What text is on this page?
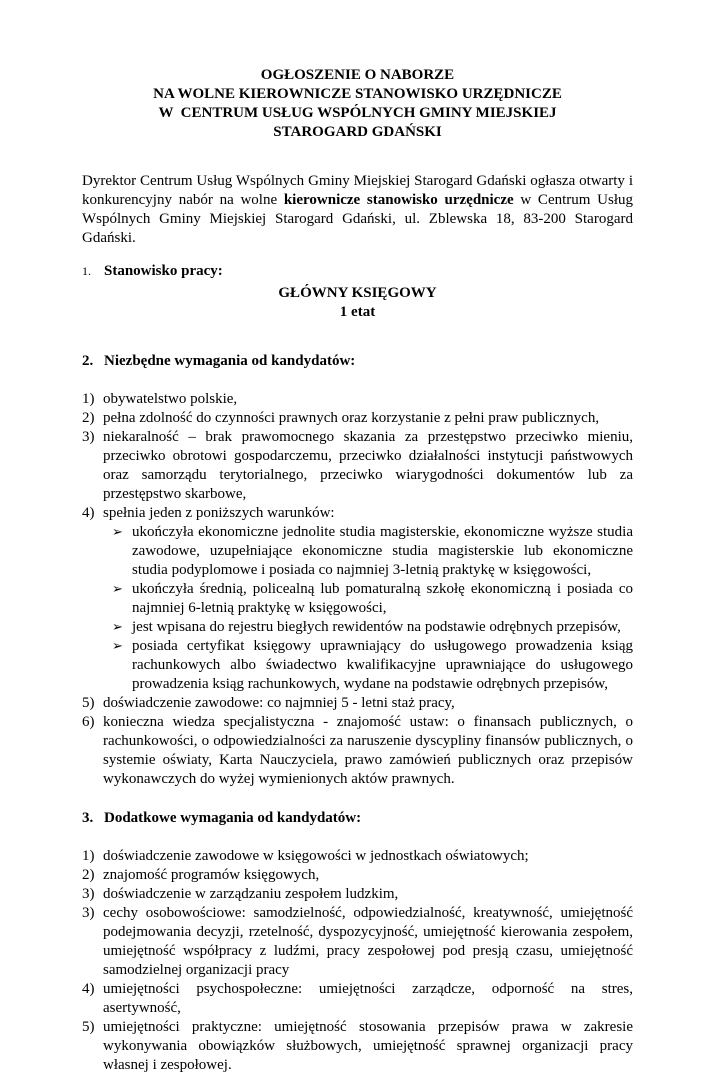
OGŁOSZENIE O NABORZE
NA WOLNE KIEROWNICZE STANOWISKO URZĘDNICZE
W  CENTRUM USŁUG WSPÓLNYCH GMINY MIEJSKIEJ
STAROGARD GDAŃSKI
Dyrektor Centrum Usług Wspólnych Gminy Miejskiej Starogard Gdański ogłasza otwarty i konkurencyjny nabór na wolne kierownicze stanowisko urzędnicze w Centrum Usług Wspólnych Gminy Miejskiej Starogard Gdański, ul. Zblewska 18, 83-200 Starogard Gdański.
1. Stanowisko pracy:
GŁÓWNY KSIĘGOWY
1 etat
2. Niezbędne wymagania od kandydatów:
1) obywatelstwo polskie,
2) pełna zdolność do czynności prawnych oraz korzystanie z pełni praw publicznych,
3) niekaralność – brak prawomocnego skazania za przestępstwo przeciwko mieniu, przeciwko obrotowi gospodarczemu, przeciwko działalności instytucji państwowych oraz samorządu terytorialnego, przeciwko wiarygodności dokumentów lub za przestępstwo skarbowe,
4) spełnia jeden z poniższych warunków:
➢ ukończyła ekonomiczne jednolite studia magisterskie, ekonomiczne wyższe studia zawodowe, uzupełniające ekonomiczne studia magisterskie lub ekonomiczne studia podyplomowe i posiada co najmniej 3-letnią praktykę w księgowości,
➢ ukończyła średnią, policealną lub pomaturalną szkołę ekonomiczną i posiada co najmniej 6-letnią praktykę w księgowości,
➢ jest wpisana do rejestru biegłych rewidentów na podstawie odrębnych przepisów,
➢ posiada certyfikat księgowy uprawniający do usługowego prowadzenia ksiąg rachunkowych albo świadectwo kwalifikacyjne uprawniające do usługowego prowadzenia ksiąg rachunkowych, wydane na podstawie odrębnych przepisów,
5) doświadczenie zawodowe: co najmniej 5 - letni staż pracy,
6) konieczna wiedza specjalistyczna - znajomość ustaw: o finansach publicznych, o rachunkowości, o odpowiedzialności za naruszenie dyscypliny finansów publicznych, o systemie oświaty, Karta Nauczyciela, prawo zamówień publicznych oraz przepisów wykonawczych do wyżej wymienionych aktów prawnych.
3. Dodatkowe wymagania od kandydatów:
1) doświadczenie zawodowe w księgowości w jednostkach oświatowych;
2) znajomość programów księgowych,
3) doświadczenie w zarządzaniu zespołem ludzkim,
3) cechy osobowościowe: samodzielność, odpowiedzialność, kreatywność, umiejętność podejmowania decyzji, rzetelność, dyspozycyjność, umiejętność kierowania zespołem, umiejętność współpracy z ludźmi, pracy zespołowej pod presją czasu, umiejętność samodzielnej organizacji pracy
4) umiejętności psychospołeczne: umiejętności zarządcze, odporność na stres, asertywność,
5) umiejętności praktyczne: umiejętność stosowania przepisów prawa w zakresie wykonywania obowiązków służbowych, umiejętność sprawnej organizacji pracy własnej i zespołowej.
